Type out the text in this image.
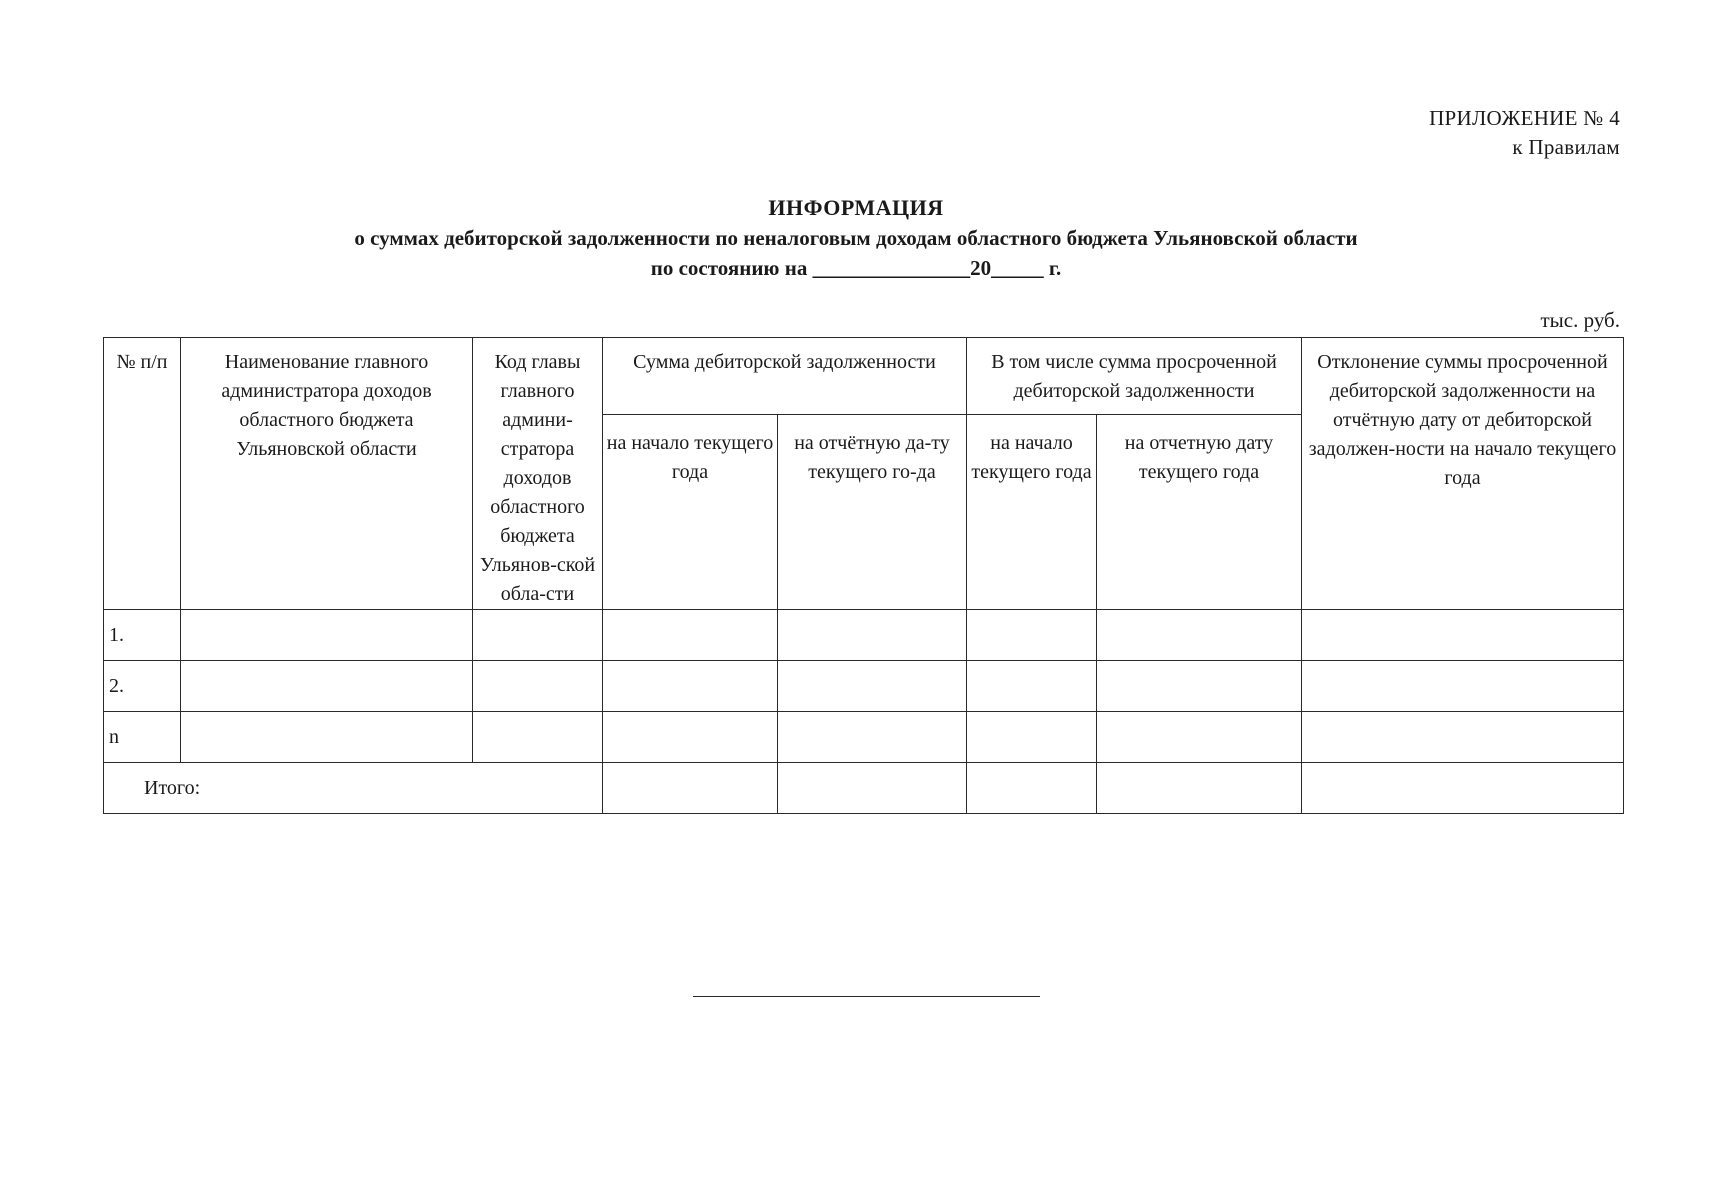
ПРИЛОЖЕНИЕ № 4
к Правилам
ИНФОРМАЦИЯ
о суммах дебиторской задолженности по неналоговым доходам областного бюджета Ульяновской области
по состоянию на _______________20_____ г.
тыс. руб.
№ п/п	Наименование главного администратора доходов областного бюджета Ульяновской области	Код главы главного админи-стратора доходов областного бюджета Ульянов-ской обла-сти	Сумма дебиторской задолженности		В том числе сумма просроченной дебиторской задолженности		Отклонение суммы просроченной дебиторской задолженности на отчётную дату от дебиторской задолжен-ности на начало текущего года
			на начало текущего года	на отчётную да-ту текущего го-да	на начало текущего года	на отчетную дату текущего года	
1.							
2.							
n							
Итого:							
